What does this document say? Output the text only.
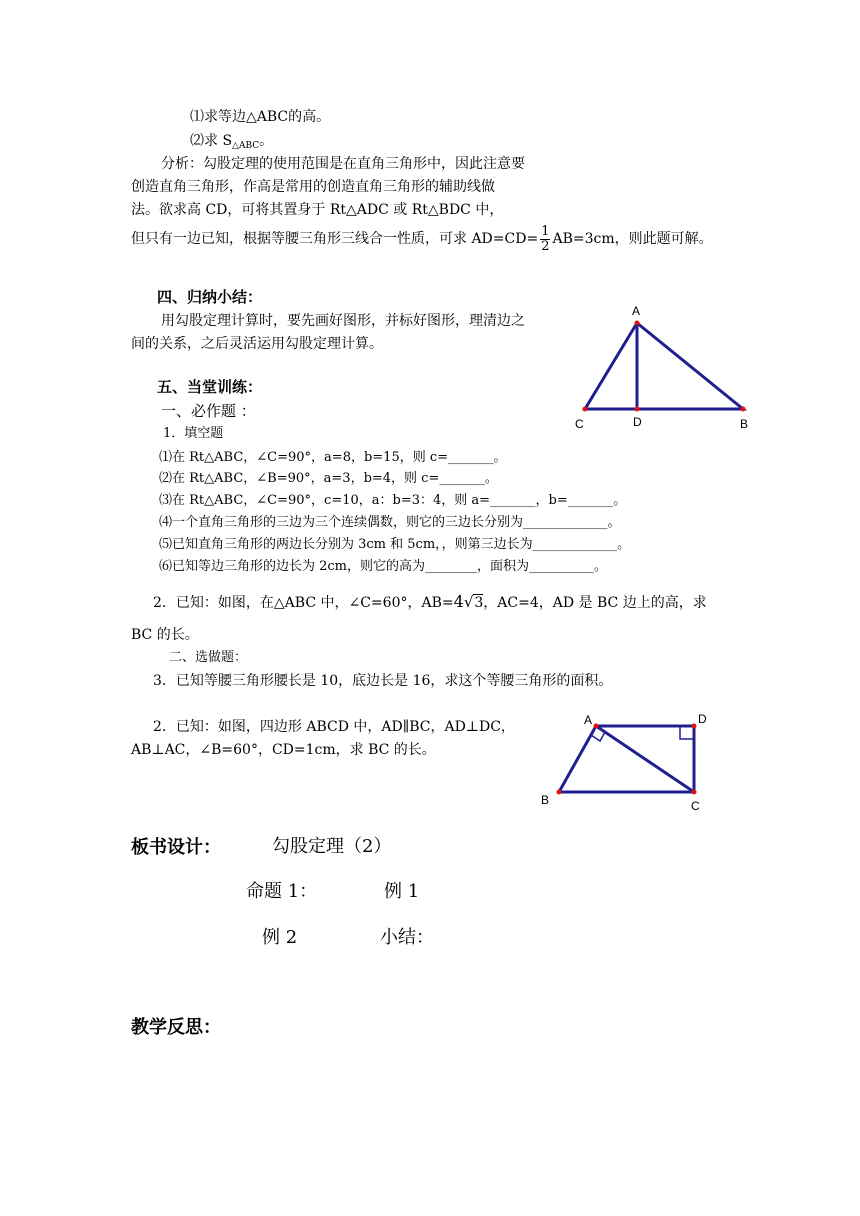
⑴求等边△ABC的高。
⑵求 $S_{\triangle ABC}$。
分析：勾股定理的使用范围是在直角三角形中，因此注意要
创造直角三角形，作高是常用的创造直角三角形的辅助线做
法。欲求高 CD，可将其置身于 Rt△ADC 或 Rt△BDC 中，
但只有一边已知，根据等腰三角形三线合一性质，可求 $AD=CD= \frac{1}{2} AB=3cm$，则此题可解。
四、归纳小结：
用勾股定理计算时，要先画好图形，并标好图形，理清边之
间的关系，之后灵活运用勾股定理计算。
五、当堂训练：
一、必作题 ：
1．填空题
⑴在 Rt△ABC，∠C=90°，a=8，b=15，则 c=_______。
⑵在 Rt△ABC，∠B=90°，a=3，b=4，则 c=_______。
⑶在 Rt△ABC，∠C=90°，c=10，a：b=3：4，则 a=_______，b=_______。
⑷一个直角三角形的三边为三个连续偶数，则它的三边长分别为_____________。
⑸已知直角三角形的两边长分别为 3cm 和 5cm，，则第三边长为_____________。
⑹已知等边三角形的边长为 2cm，则它的高为________，面积为__________。
2．已知：如图，在△ABC 中，∠C=60°，AB=4√3，AC=4，AD 是 BC 边上的高，求
BC 的长。
二、选做题：
3．已知等腰三角形腰长是 10，底边长是 16，求这个等腰三角形的面积。
2．已知：如图，四边形 ABCD 中，AD∥BC，AD⊥DC，
AB⊥AC，∠B=60°，CD=1cm，求 BC 的长。
板书设计：	勾股定理（2）
命题 1：	例 1
例 2	小结：
教学反思：
A
C	D	B
A	D
B	C
